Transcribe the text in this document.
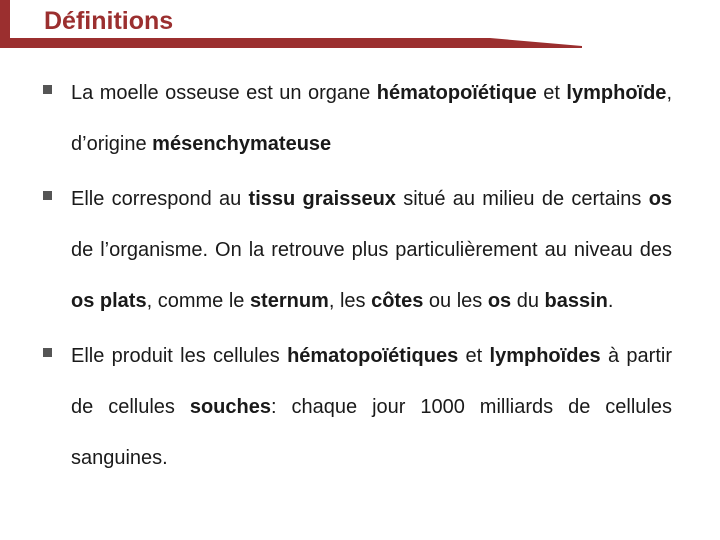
Définitions
La moelle osseuse est un organe hématopoïétique et lymphoïde, d’origine mésenchymateuse
Elle correspond au tissu graisseux situé au milieu de certains os de l’organisme. On la retrouve plus particulièrement au niveau des os plats, comme le sternum, les côtes ou les os du bassin.
Elle produit les cellules hématopoïétiques et lymphoïdes à partir de cellules souches: chaque jour 1000 milliards de cellules sanguines.
